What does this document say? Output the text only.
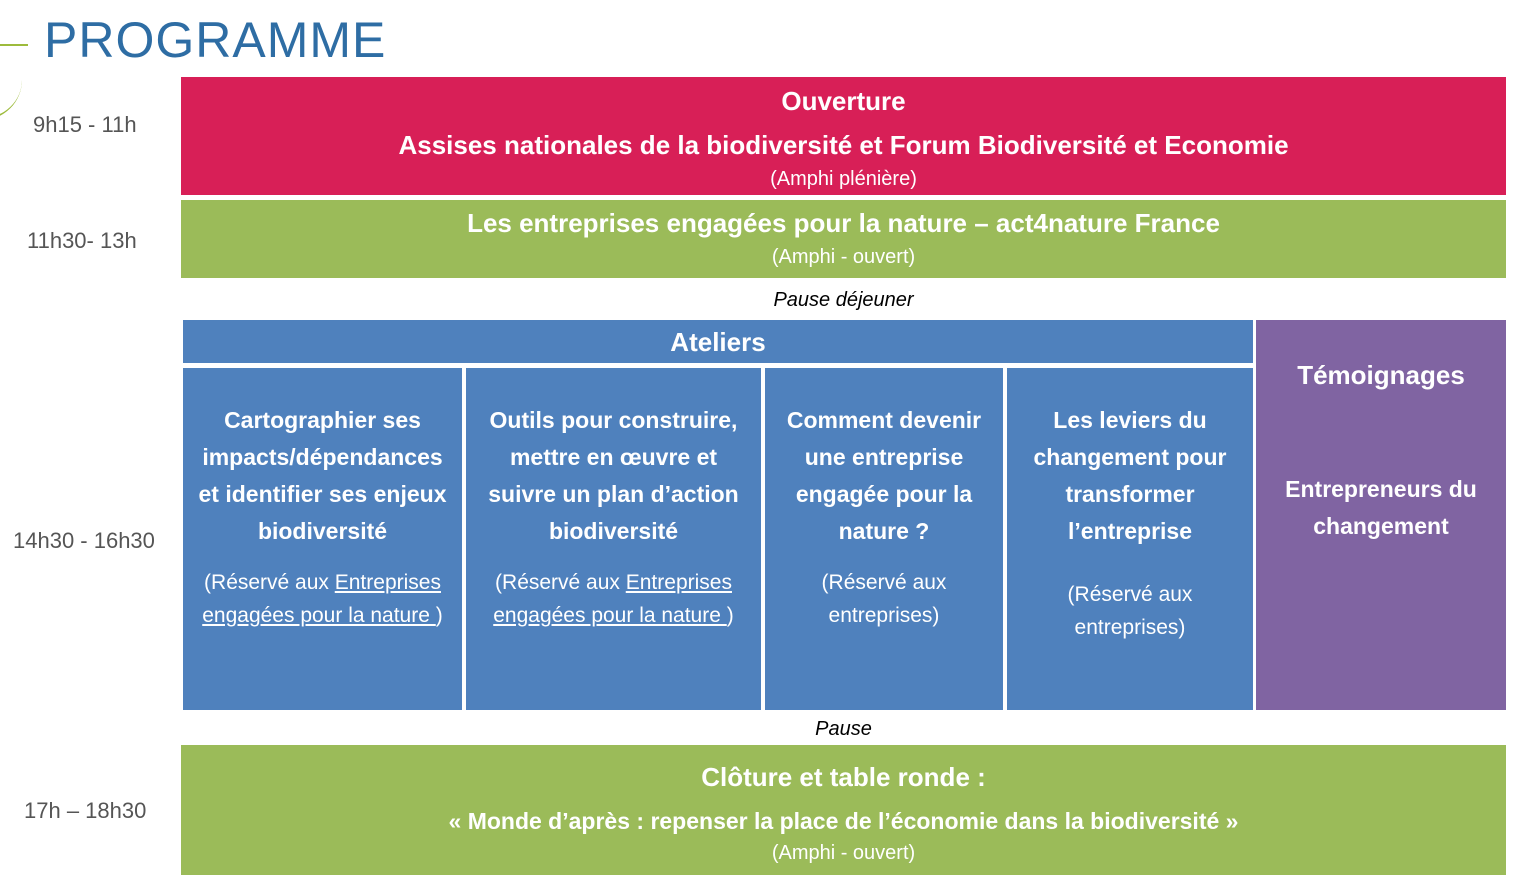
PROGRAMME
9h15 - 11h
11h30- 13h
14h30 - 16h30
17h – 18h30
Ouverture
Assises nationales de la biodiversité et Forum Biodiversité et Economie
(Amphi plénière)
Les entreprises engagées pour la nature – act4nature France
(Amphi - ouvert)
Pause déjeuner
Ateliers
Cartographier ses impacts/dépendances et identifier ses enjeux biodiversité
(Réservé aux Entreprises engagées pour la nature )
Outils pour construire, mettre en œuvre et suivre un plan d’action biodiversité
(Réservé aux Entreprises engagées pour la nature )
Comment devenir une entreprise engagée pour la nature ?
(Réservé aux entreprises)
Les leviers du changement pour transformer l’entreprise
(Réservé aux entreprises)
Témoignages
Entrepreneurs du changement
Pause
Clôture et table ronde :
« Monde d’après : repenser la place de l’économie dans la biodiversité »
(Amphi - ouvert)
